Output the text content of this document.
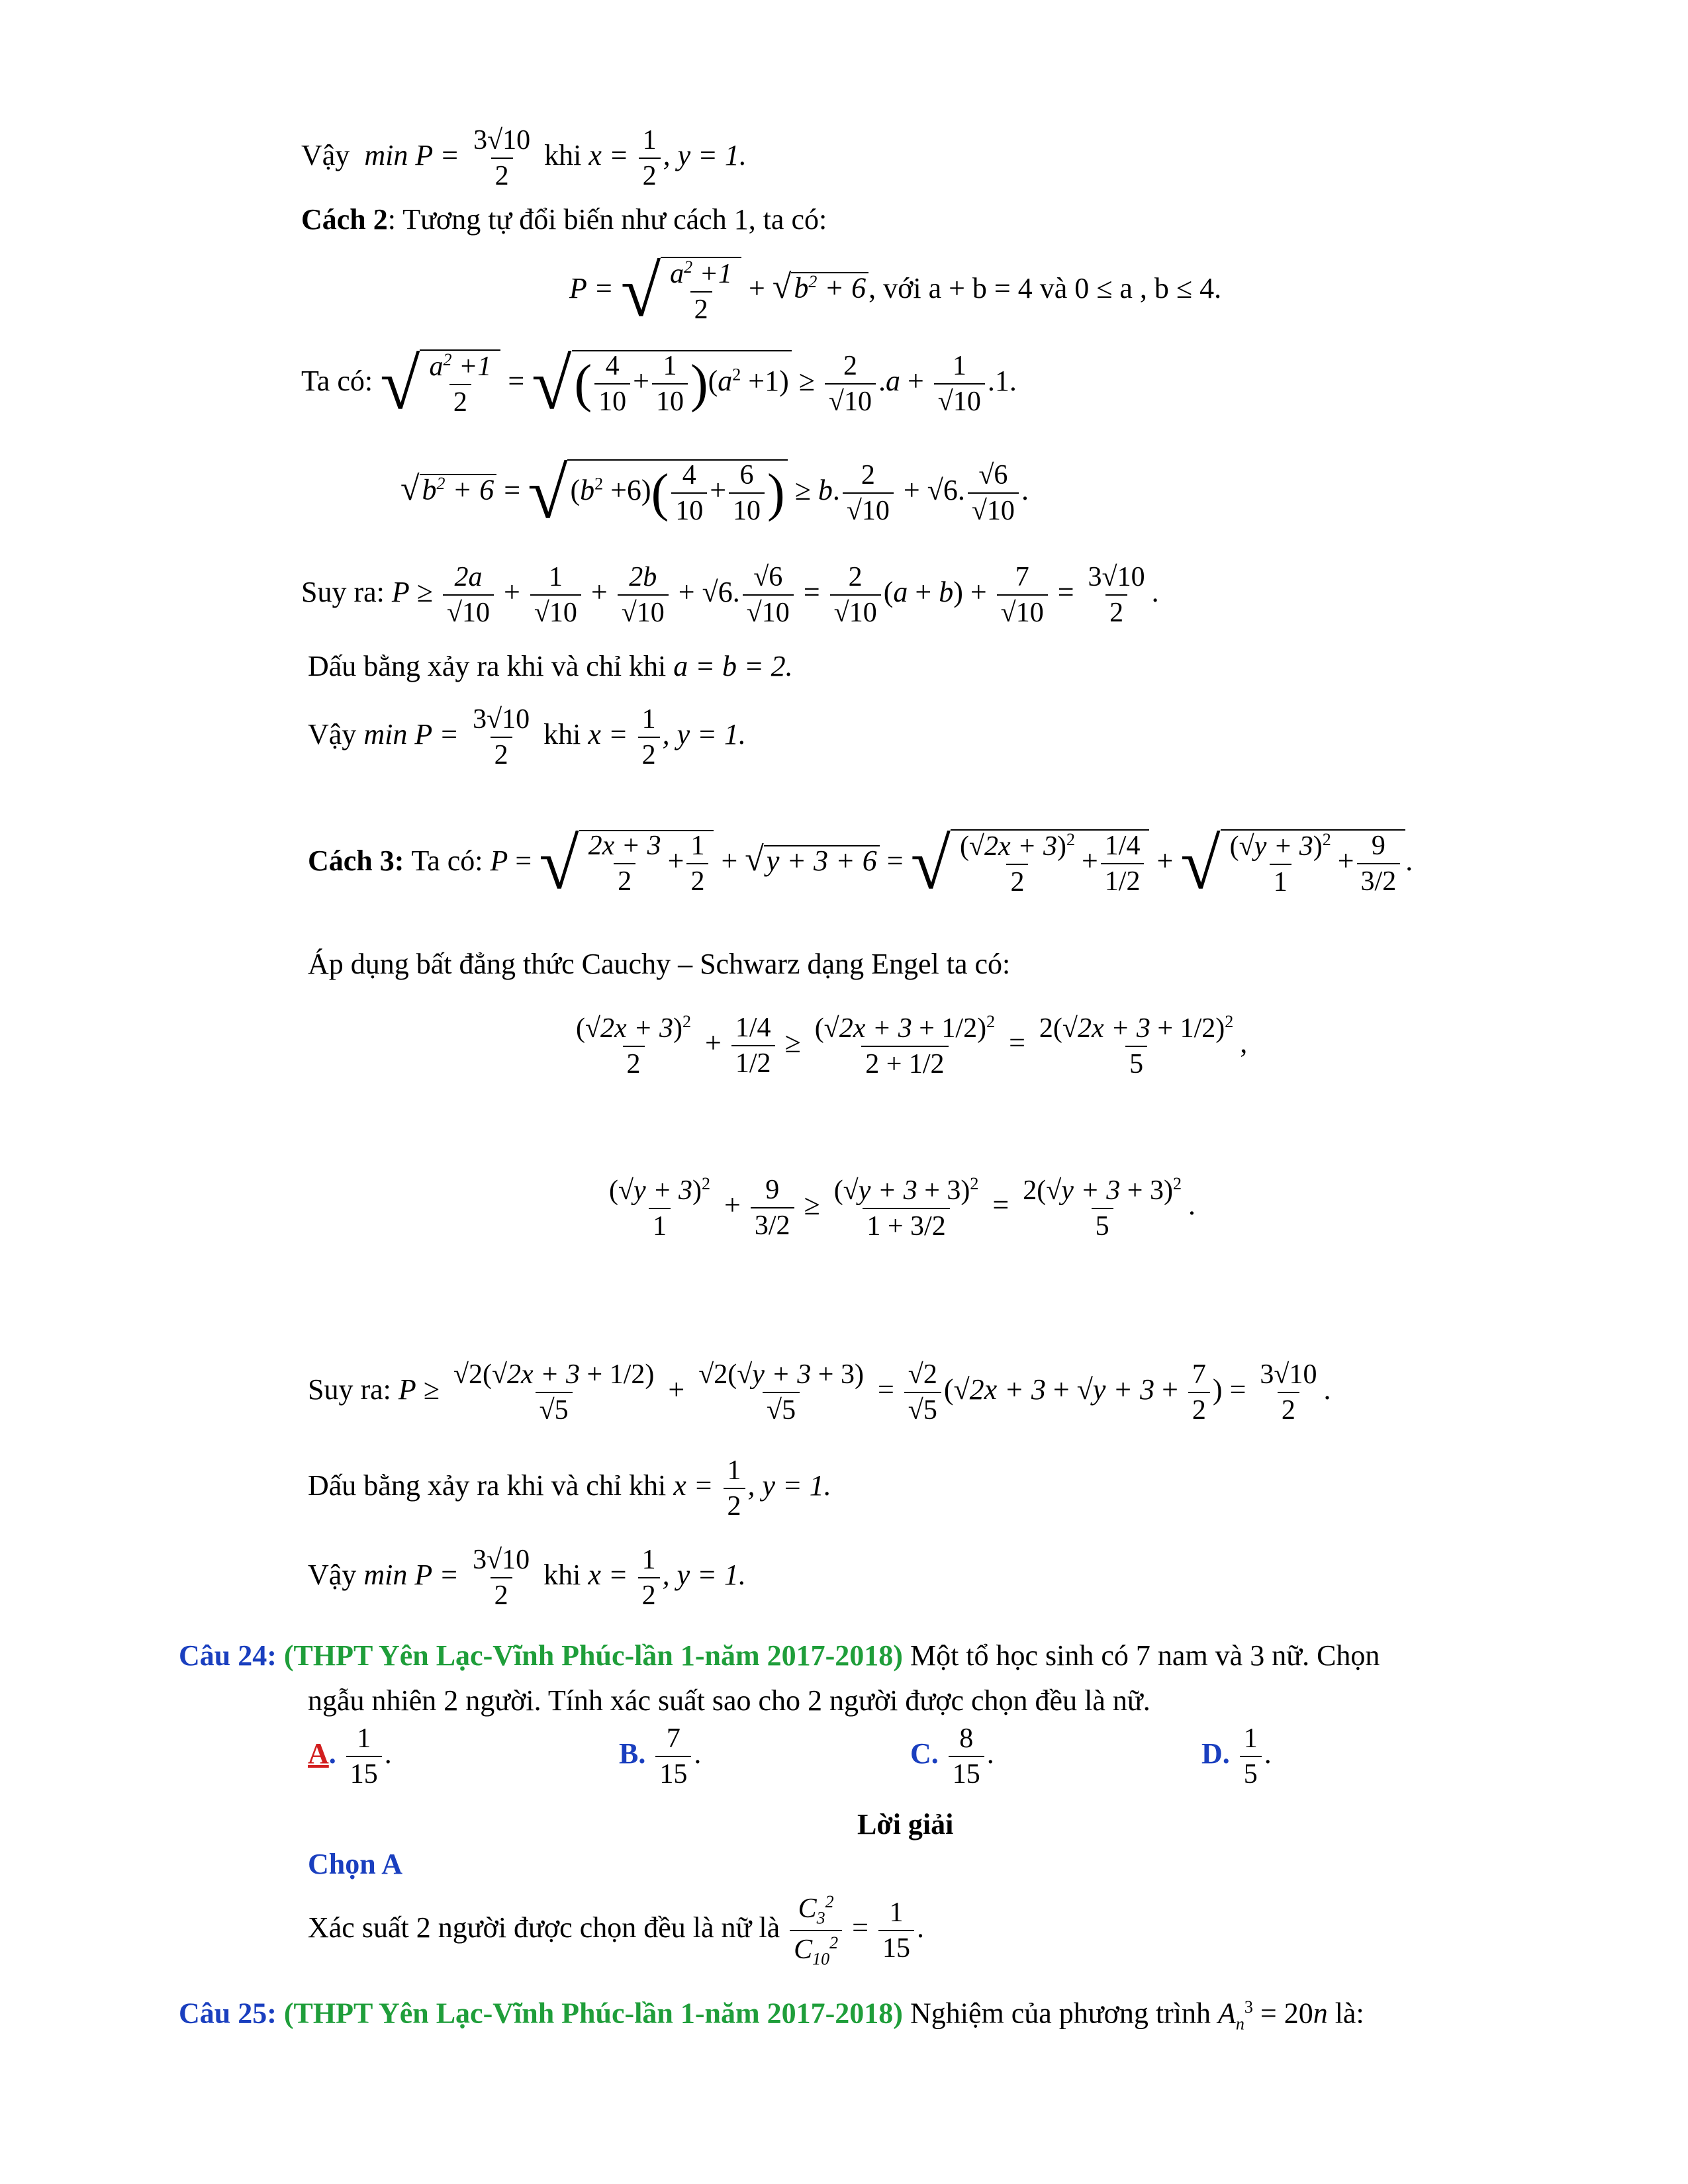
Vậy $\min P = \frac{3√10}{2}$ khi $x = \frac{1}{2}$ , y = 1.
Cách 2: Tương tự đổi biến như cách 1, ta có:
P = √ $\frac{a^2 +1}{2} + √b^2 + 6$, với a + b = 4 và 0 ≤ a , b ≤ 4.
Ta có: √ $\frac{a^2 +1}{2}$ = √( $\frac{4}{10} + \frac{1}{10} )(a^2 +1) \ge \frac{2}{√10} .a + \frac{1}{√10} .1$.
$√b^2 + 6 = √(b^2 +6)( \frac{4}{10} + \frac{6}{10}$ ) ≥ b. $\frac{2}{√10} + √6$. $\frac{√6}{√10}$ .
Suy ra: $P \ge \frac{2a}{√10} + \frac{1}{√10} + \frac{2b}{√10} + √6$. $\frac{√6}{√10} = \frac{2}{√10} (a + b) + \frac{7}{√10} = \frac{3√10}{2}$ .
Dấu bằng xảy ra khi và chỉ khi a = b = 2.
Vậy $\min P = \frac{3√10}{2}$ khi $x = \frac{1}{2}$ , y = 1.
Cách 3: Ta có: P = √ $\frac{2x + 3}{2} + \frac{1}{2} + √y + 3 + 6$ = √ $\frac{(√2x + 3)^2}{2} + \frac{1/4}{1/2}$ + √ $\frac{(√y + 3)^2}{1} + \frac{9}{3/2}$ .
Áp dụng bất đẳng thức Cauchy – Schwarz dạng Engel ta có:
$\frac{(√2x + 3)^2}{2} + \frac{1/4}{1/2} \ge \frac{(√2x + 3 + 1/2)^2}{2 + 1/2} = \frac{2(√2x + 3 + 1/2)^2}{5}$ ,
$\frac{(√y + 3)^2}{1} + \frac{9}{3/2} \ge \frac{(√y + 3 + 3)^2}{1 + 3/2} = \frac{2(√y + 3 + 3)^2}{5}$ .
Suy ra: $P \ge \frac{√2(√2x + 3 + 1/2)}{√5} + \frac{√2(√y + 3 + 3)}{√5} = \frac{√2}{√5} (√2x + 3 + √y + 3 + \frac{7}{2}$ ) = $\frac{3√10}{2}$ .
Dấu bằng xảy ra khi và chỉ khi $x = \frac{1}{2}$ , y = 1.
Vậy $\min P = \frac{3√10}{2}$ khi $x = \frac{1}{2}$ , y = 1.
Câu 24: (THPT Yên Lạc-Vĩnh Phúc-lần 1-năm 2017-2018) Một tổ học sinh có 7 nam và 3 nữ. Chọn
ngẫu nhiên 2 người. Tính xác suất sao cho 2 người được chọn đều là nữ.
A. $\frac{1}{15}$ .	B. $\frac{7}{15}$ .	C. $\frac{8}{15}$ .	D. $\frac{1}{5}$ .
Lời giải
Chọn A
Xác suất 2 người được chọn đều là nữ là $\frac{C_3^2}{C_{10}^2} = \frac{1}{15}$ .
Câu 25: (THPT Yên Lạc-Vĩnh Phúc-lần 1-năm 2017-2018) Nghiệm của phương trình $A_n^3 = 20n$ là:
